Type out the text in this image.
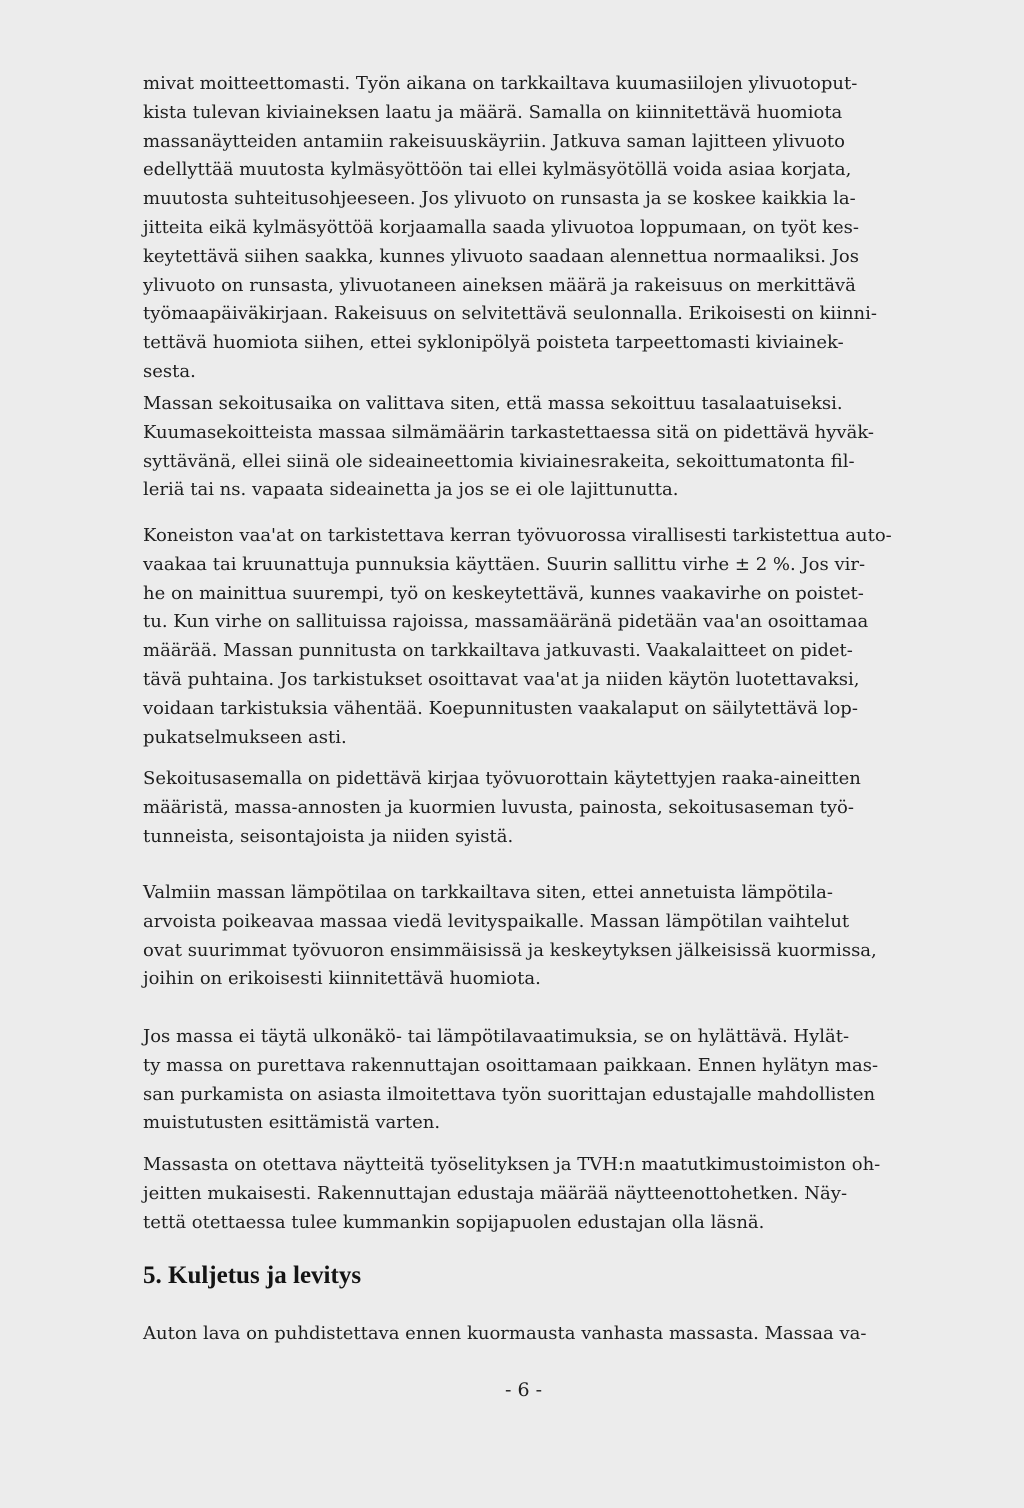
mivat moitteettomasti. Työn aikana on tarkkailtava kuumasiilojen ylivuotoput-
kista tulevan kiviaineksen laatu ja määrä. Samalla on kiinnitettävä huomiota
massanäytteiden antamiin rakeisuuskäyriin. Jatkuva saman lajitteen ylivuoto
edellyttää muutosta kylmäsyöttöön tai ellei kylmäsyötöllä voida asiaa korjata,
muutosta suhteitusohjeeseen. Jos ylivuoto on runsasta ja se koskee kaikkia la-
jitteita eikä kylmäsyöttöä korjaamalla saada ylivuotoa loppumaan, on työt kes-
keytettävä siihen saakka, kunnes ylivuoto saadaan alennettua normaaliksi. Jos
ylivuoto on runsasta, ylivuotaneen aineksen määrä ja rakeisuus on merkittävä
työmaapäiväkirjaan. Rakeisuus on selvitettävä seulonnalla. Erikoisesti on kiinni-
tettävä huomiota siihen, ettei syklonipölyä poisteta tarpeettomasti kiviainek-
sesta.

Massan sekoitusaika on valittava siten, että massa sekoittuu tasalaatuiseksi.
Kuumasekoitteista massaa silmämäärin tarkastettaessa sitä on pidettävä hyväk-
syttävänä, ellei siinä ole sideaineettomia kiviainesrakeita, sekoittumatonta fil-
leriä tai ns. vapaata sideainetta ja jos se ei ole lajittunutta.

Koneiston vaa'at on tarkistettava kerran työvuorossa virallisesti tarkistettua auto-
vaakaa tai kruunattuja punnuksia käyttäen. Suurin sallittu virhe ± 2 %. Jos vir-
he on mainittua suurempi, työ on keskeytettävä, kunnes vaakavirhe on poistet-
tu. Kun virhe on sallituissa rajoissa, massamääränä pidetään vaa'an osoittamaa
määrää. Massan punnitusta on tarkkailtava jatkuvasti. Vaakalaitteet on pidet-
tävä puhtaina. Jos tarkistukset osoittavat vaa'at ja niiden käytön luotettavaksi,
voidaan tarkistuksia vähentää. Koepunnitusten vaakalaput on säilytettävä lop-
pukatselmukseen asti.

Sekoitusasemalla on pidettävä kirjaa työvuorottain käytettyjen raaka-aineitten
määristä, massa-annosten ja kuormien luvusta, painosta, sekoitusaseman työ-
tunneista, seisontajoista ja niiden syistä.

Valmiin massan lämpötilaa on tarkkailtava siten, ettei annetuista lämpötila-
arvoista poikeavaa massaa viedä levityspaikalle. Massan lämpötilan vaihtelut
ovat suurimmat työvuoron ensimmäisissä ja keskeytyksen jälkeisissä kuormissa,
joihin on erikoisesti kiinnitettävä huomiota.

Jos massa ei täytä ulkonäkö- tai lämpötilavaatimuksia, se on hylättävä. Hylät-
ty massa on purettava rakennuttajan osoittamaan paikkaan. Ennen hylätyn mas-
san purkamista on asiasta ilmoitettava työn suorittajan edustajalle mahdollisten
muistutusten esittämistä varten.

Massasta on otettava näytteitä työselityksen ja TVH:n maatutkimustoimiston oh-
jeitten mukaisesti. Rakennuttajan edustaja määrää näytteenottohetken. Näy-
tettä otettaessa tulee kummankin sopijapuolen edustajan olla läsnä.

5. Kuljetus ja levitys

Auton lava on puhdistettava ennen kuormausta vanhasta massasta. Massaa va-

- 6 -
